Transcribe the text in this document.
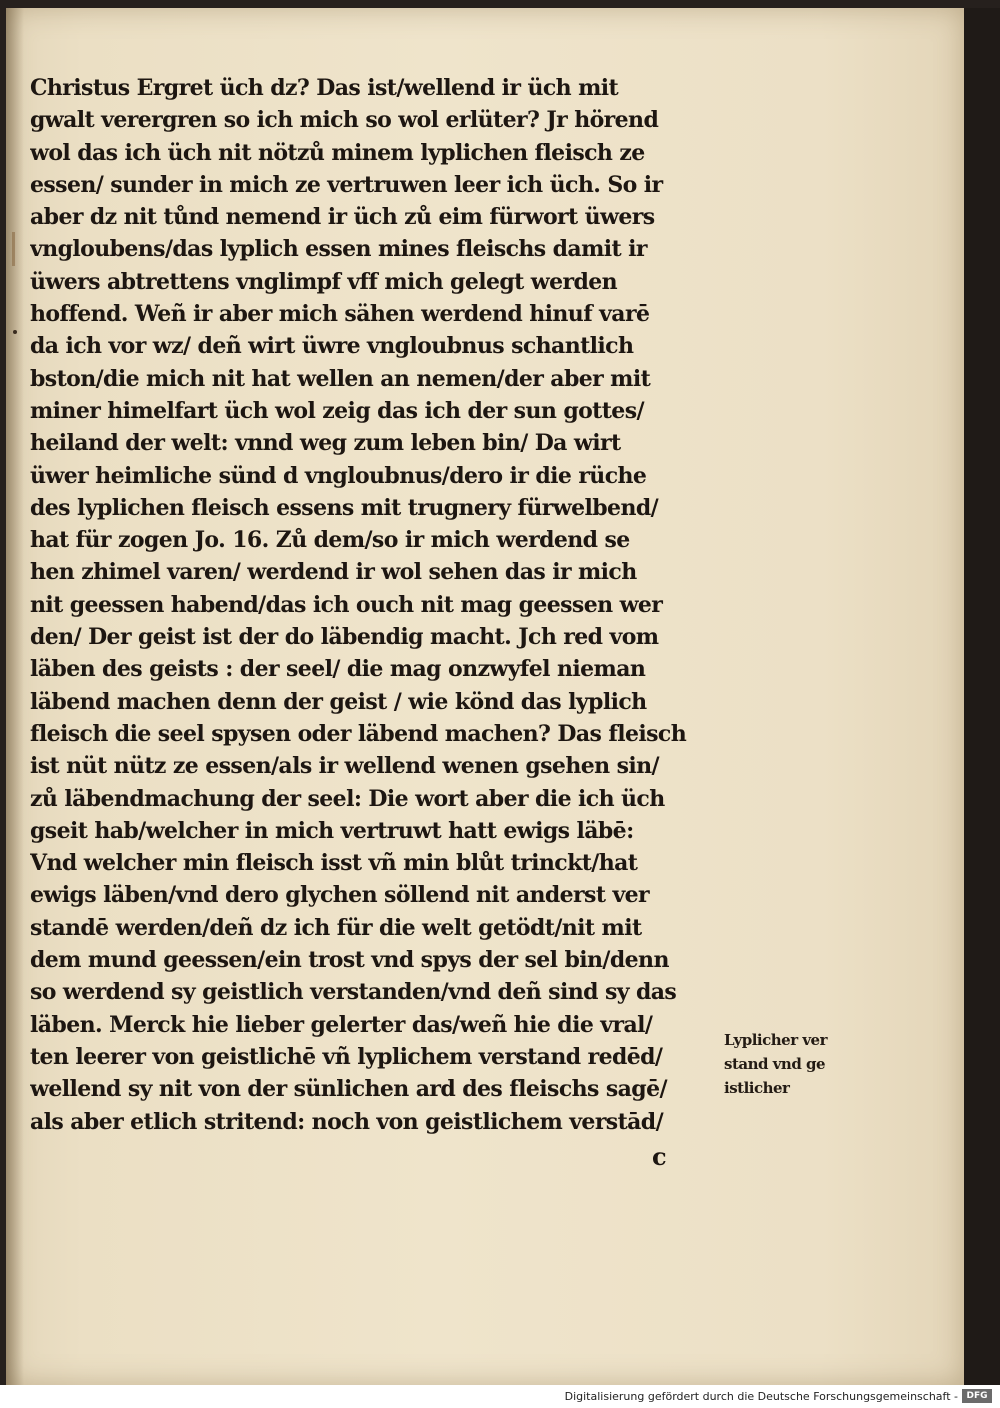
Christus Ergret üch dz? Das ist/wellend ir üch mit
gwalt verergren so ich mich so wol erlüter? Jr hörend
wol das ich üch nit nötzů minem lyplichen fleisch ze
essen/ sunder in mich ze vertruwen leer ich üch. So ir
aber dz nit tůnd nemend ir üch zů eim fürwort üwers
vngloubens/das lyplich essen mines fleischs damit ir
üwers abtrettens vnglimpf vff mich gelegt werden
hoffend. Weñ ir aber mich sähen werdend hinuf varē
da ich vor wz/ deñ wirt üwre vngloubnus schantlich
bston/die mich nit hat wellen an nemen/der aber mit
miner himelfart üch wol zeig das ich der sun gottes/
heiland der welt: vnnd weg zum leben bin/ Da wirt
üwer heimliche sünd d vngloubnus/dero ir die rüche
des lyplichen fleisch essens mit trugnery fürwelbend/
hat für zogen Jo. 16. Zů dem/so ir mich werdend se
hen zhimel varen/ werdend ir wol sehen das ir mich
nit geessen habend/das ich ouch nit mag geessen wer
den/ Der geist ist der do läbendig macht. Jch red vom
läben des geists : der seel/ die mag onzwyfel nieman
läbend machen denn der geist / wie könd das lyplich
fleisch die seel spysen oder läbend machen? Das fleisch
ist nüt nütz ze essen/als ir wellend wenen gsehen sin/
zů läbendmachung der seel: Die wort aber die ich üch
gseit hab/welcher in mich vertruwt hatt ewigs läbē:
Vnd welcher min fleisch isst vñ min blůt trinckt/hat
ewigs läben/vnd dero glychen söllend nit anderst ver
standē werden/deñ dz ich für die welt getödt/nit mit
dem mund geessen/ein trost vnd spys der sel bin/denn
so werdend sy geistlich verstanden/vnd deñ sind sy das
läben. Merck hie lieber gelerter das/weñ hie die vral/
ten leerer von geistlichē vñ lyplichem verstand redēd/
wellend sy nit von der sünlichen ard des fleischs sagē/
als aber etlich stritend: noch von geistlichem verstād/
Lyplicher ver
stand vnd ge
istlicher
c
Digitalisierung gefördert durch die Deutsche Forschungsgemeinschaft - DFG
